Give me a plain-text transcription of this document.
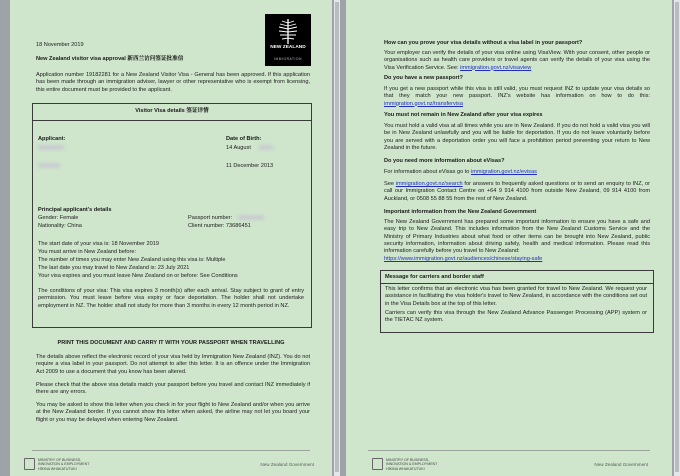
18 November 2019
New Zealand visitor visa approval 新西兰访问签证批准信
NEW ZEALAND
IMMIGRATION
Application number 19182281 for a New Zealand Visitor Visa - General has been approved. If this application has been made through an immigration adviser, lawyer or other representative who is exempt from licensing, this entire document must be provided to the applicant.
Visitor Visa details 签证详情
Applicant:	Date of Birth:
14 August
11 December 2013
Principal applicant's details
Gender: Female
Nationality: China
Passport number:
Client number: 73686451
The start date of your visa is: 18 November 2019
You must arrive in New Zealand before:
The number of times you may enter New Zealand using this visa is: Multiple
The last date you may travel to New Zealand is: 23 July 2021
Your visa expires and you must leave New Zealand on or before: See Conditions
The conditions of your visa: This visa expires 3 month(s) after each arrival. Stay subject to grant of entry permission. You must leave before visa expiry or face deportation. The holder shall not undertake employment in NZ. The holder shall not study for more than 3 months in every 12 month period in NZ.
PRINT THIS DOCUMENT AND CARRY IT WITH YOUR PASSPORT WHEN TRAVELLING
The details above reflect the electronic record of your visa held by Immigration New Zealand (INZ). You do not require a visa label in your passport. Do not attempt to alter this letter. It is an offence under the Immigration Act 2009 to use a document that you know has been altered.
Please check that the above visa details match your passport before you travel and contact INZ immediately if there are any errors.
You may be asked to show this letter when you check in for your flight to New Zealand and/or when you arrive at the New Zealand border. If you cannot show this letter when asked, the airline may not let you board your flight or you may be delayed when entering New Zealand.
MINISTRY OF BUSINESS,
INNOVATION & EMPLOYMENT
HĪKINA WHAKATUTUKI
New Zealand Government
How can you prove your visa details without a visa label in your passport?
Your employer can verify the details of your visa online using VisaView. With your consent, other people or organisations such as health care providers or travel agents can verify the details of your visa using the Visa Verification Service. See: immigration.govt.nz/visaview
Do you have a new passport?
If you get a new passport while this visa is still valid, you must request INZ to update your visa details so that they match your new passport. INZ's website has information on how to do this: immigration.govt.nz/transfervisa
You must not remain in New Zealand after your visa expires
You must hold a valid visa at all times while you are in New Zealand. If you do not hold a valid visa you will be in New Zealand unlawfully and you will be liable for deportation. If you do not leave voluntarily before you are served with a deportation order you will face a prohibition period preventing your return to New Zealand in the future.
Do you need more information about eVisas?
For information about eVisas go to immigration.govt.nz/evisas
See immigration.govt.nz/search for answers to frequently asked questions or to send an enquiry to INZ, or call our Immigration Contact Centre on +64 9 914 4100 from outside New Zealand, 09 914 4100 from Auckland, or 0508 55 88 55 from the rest of New Zealand.
Important information from the New Zealand Government
The New Zealand Government has prepared some important information to ensure you have a safe and easy trip to New Zealand. This includes information from the New Zealand Customs Service and the Ministry of Primary Industries about what food or other items can be brought into New Zealand, public security information, information about driving safely, health and medical information. Please read this information carefully before you travel to New Zealand:
https://www.immigration.govt.nz/audiences/chinese/staying-safe
Message for carriers and border staff
This letter confirms that an electronic visa has been granted for travel to New Zealand. We request your assistance in facilitating the visa holder's travel to New Zealand, in accordance with the conditions set out in the Visa Details box at the top of this letter.
Carriers can verify this visa through the New Zealand Advance Passenger Processing (APP) system or the TIETAC NZ system.
MINISTRY OF BUSINESS,
INNOVATION & EMPLOYMENT
HĪKINA WHAKATUTUKI
New Zealand Government
